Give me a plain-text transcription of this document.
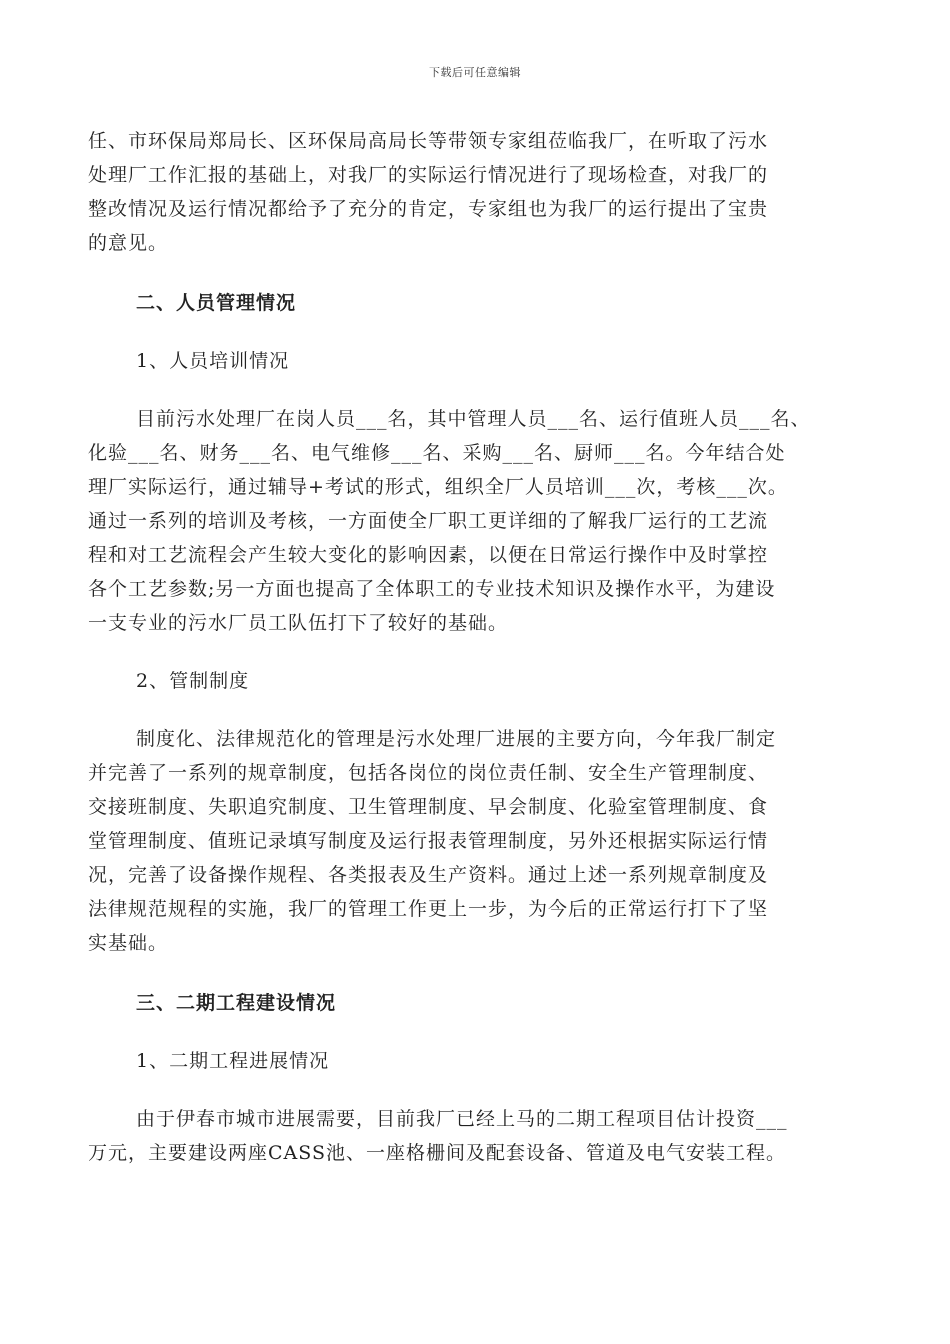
下载后可任意编辑
任、市环保局郑局长、区环保局高局长等带领专家组莅临我厂，在听取了污水
处理厂工作汇报的基础上，对我厂的实际运行情况进行了现场检查，对我厂的
整改情况及运行情况都给予了充分的肯定，专家组也为我厂的运行提出了宝贵
的意见。
二、人员管理情况
1、人员培训情况
目前污水处理厂在岗人员___名，其中管理人员___名、运行值班人员___名、
化验___名、财务___名、电气维修___名、采购___名、厨师___名。今年结合处
理厂实际运行，通过辅导+考试的形式，组织全厂人员培训___次，考核___次。
通过一系列的培训及考核，一方面使全厂职工更详细的了解我厂运行的工艺流
程和对工艺流程会产生较大变化的影响因素，以便在日常运行操作中及时掌控
各个工艺参数;另一方面也提高了全体职工的专业技术知识及操作水平，为建设
一支专业的污水厂员工队伍打下了较好的基础。
2、管制制度
制度化、法律规范化的管理是污水处理厂进展的主要方向，今年我厂制定
并完善了一系列的规章制度，包括各岗位的岗位责任制、安全生产管理制度、
交接班制度、失职追究制度、卫生管理制度、早会制度、化验室管理制度、食
堂管理制度、值班记录填写制度及运行报表管理制度，另外还根据实际运行情
况，完善了设备操作规程、各类报表及生产资料。通过上述一系列规章制度及
法律规范规程的实施，我厂的管理工作更上一步，为今后的正常运行打下了坚
实基础。
三、二期工程建设情况
1、二期工程进展情况
由于伊春市城市进展需要，目前我厂已经上马的二期工程项目估计投资___
万元，主要建设两座CASS池、一座格栅间及配套设备、管道及电气安装工程。
